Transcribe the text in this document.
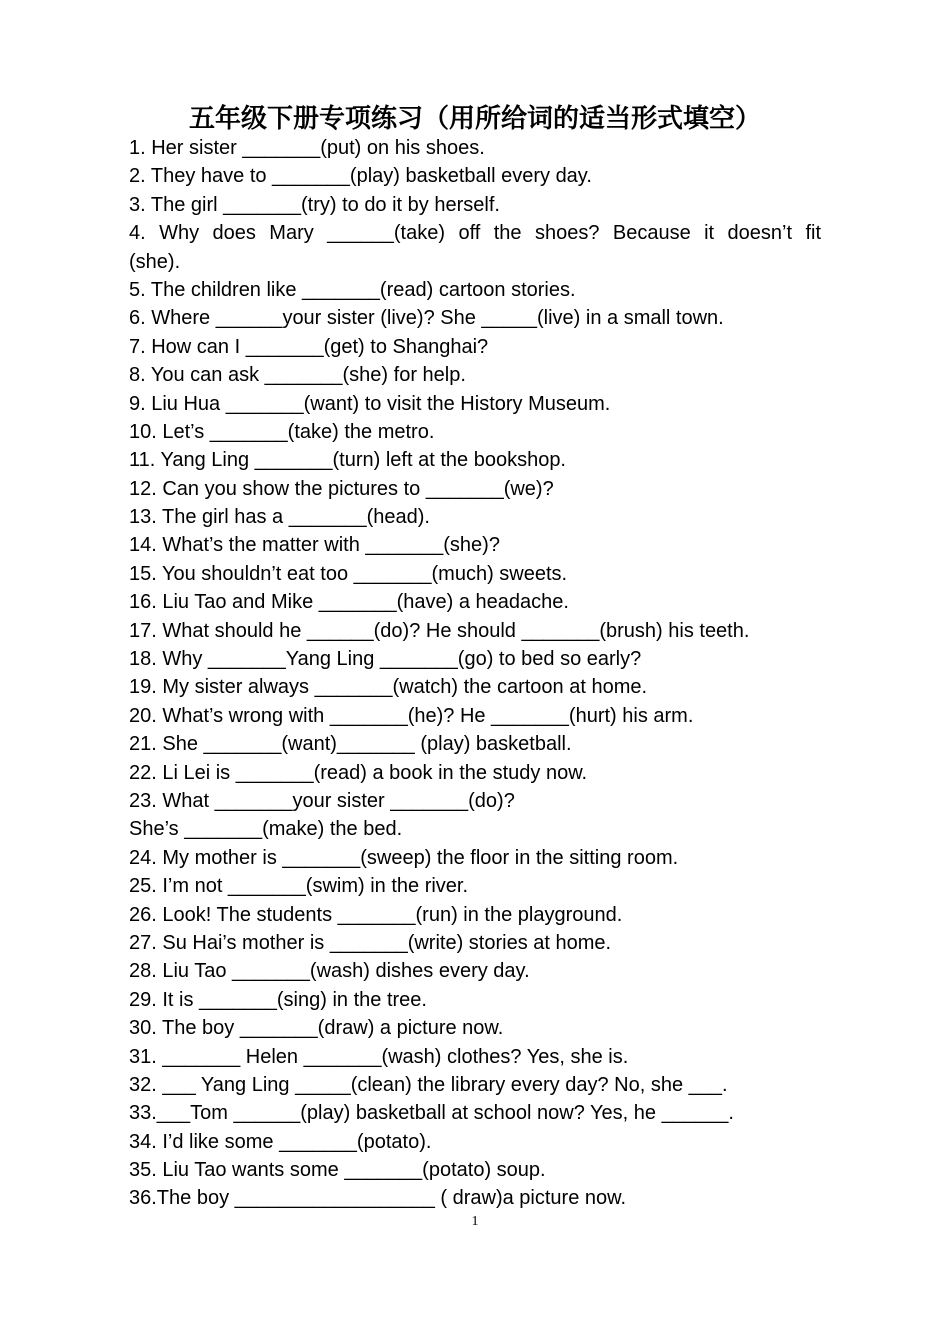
五年级下册专项练习（用所给词的适当形式填空）
1. Her sister _______(put) on his shoes.
2. They have to _______(play) basketball every day.
3. The girl _______(try) to do it by herself.
4. Why does Mary ______(take) off the shoes? Because it doesn’t fit
(she).
5. The children like _______(read) cartoon stories.
6. Where ______your sister (live)? She _____(live) in a small town.
7. How can I _______(get) to Shanghai?
8. You can ask _______(she) for help.
9. Liu Hua _______(want) to visit the History Museum.
10. Let’s _______(take) the metro.
11. Yang Ling _______(turn) left at the bookshop.
12. Can you show the pictures to _______(we)?
13. The girl has a _______(head).
14. What’s the matter with _______(she)?
15. You shouldn’t eat too _______(much) sweets.
16. Liu Tao and Mike _______(have) a headache.
17. What should he ______(do)? He should _______(brush) his teeth.
18. Why _______Yang Ling _______(go) to bed so early?
19. My sister always _______(watch) the cartoon at home.
20. What’s wrong with _______(he)? He _______(hurt) his arm.
21. She _______(want)_______ (play) basketball.
22. Li Lei is _______(read) a book in the study now.
23. What _______your sister _______(do)?
She’s _______(make) the bed.
24. My mother is _______(sweep) the floor in the sitting room.
25. I’m not _______(swim) in the river.
26. Look! The students _______(run) in the playground.
27. Su Hai’s mother is _______(write) stories at home.
28. Liu Tao _______(wash) dishes every day.
29. It is _______(sing) in the tree.
30. The boy _______(draw) a picture now.
31. _______ Helen _______(wash) clothes? Yes, she is.
32. ___ Yang Ling _____(clean) the library every day? No, she ___.
33.___Tom ______(play) basketball at school now? Yes, he ______.
34. I’d like some _______(potato).
35. Liu Tao wants some _______(potato) soup.
36.The boy __________________ ( draw)a picture now.
1
